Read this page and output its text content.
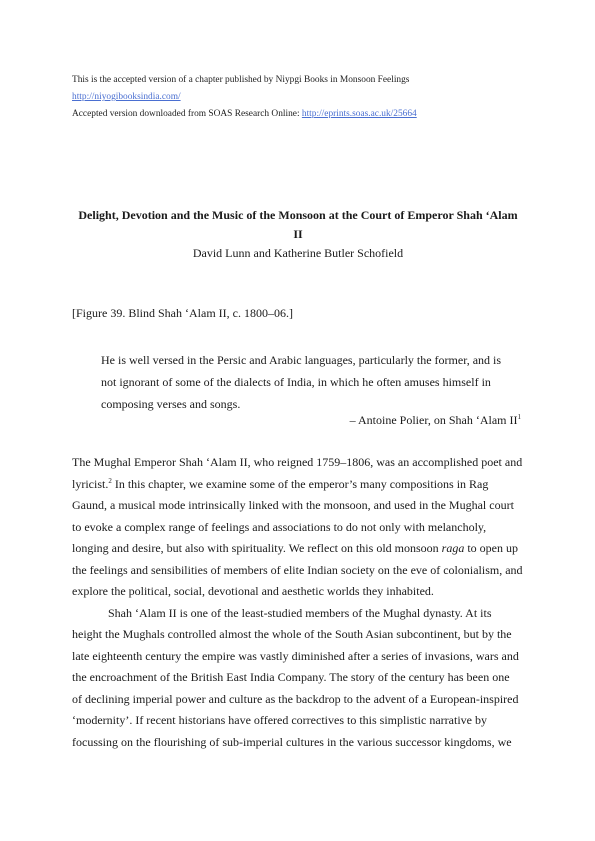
This is the accepted version of a chapter published by Niypgi Books in Monsoon Feelings
http://niyogibooksindia.com/
Accepted version downloaded from SOAS Research Online: http://eprints.soas.ac.uk/25664
Delight, Devotion and the Music of the Monsoon at the Court of Emperor Shah ‘Alam
II
David Lunn and Katherine Butler Schofield
[Figure 39. Blind Shah ‘Alam II, c. 1800–06.]
He is well versed in the Persic and Arabic languages, particularly the former, and is
not ignorant of some of the dialects of India, in which he often amuses himself in
composing verses and songs.
– Antoine Polier, on Shah ‘Alam $II^1$

The Mughal Emperor Shah ‘Alam II, who reigned 1759–1806, was an accomplished poet and
lyricist.$^2$ In this chapter, we examine some of the emperor’s many compositions in Rag
Gaund, a musical mode intrinsically linked with the monsoon, and used in the Mughal court
to evoke a complex range of feelings and associations to do not only with melancholy,
longing and desire, but also with spirituality. We reflect on this old monsoon raga to open up
the feelings and sensibilities of members of elite Indian society on the eve of colonialism, and
explore the political, social, devotional and aesthetic worlds they inhabited.

Shah ‘Alam II is one of the least-studied members of the Mughal dynasty. At its
height the Mughals controlled almost the whole of the South Asian subcontinent, but by the
late eighteenth century the empire was vastly diminished after a series of invasions, wars and
the encroachment of the British East India Company. The story of the century has been one
of declining imperial power and culture as the backdrop to the advent of a European-inspired
‘modernity’. If recent historians have offered correctives to this simplistic narrative by
focussing on the flourishing of sub-imperial cultures in the various successor kingdoms, we
